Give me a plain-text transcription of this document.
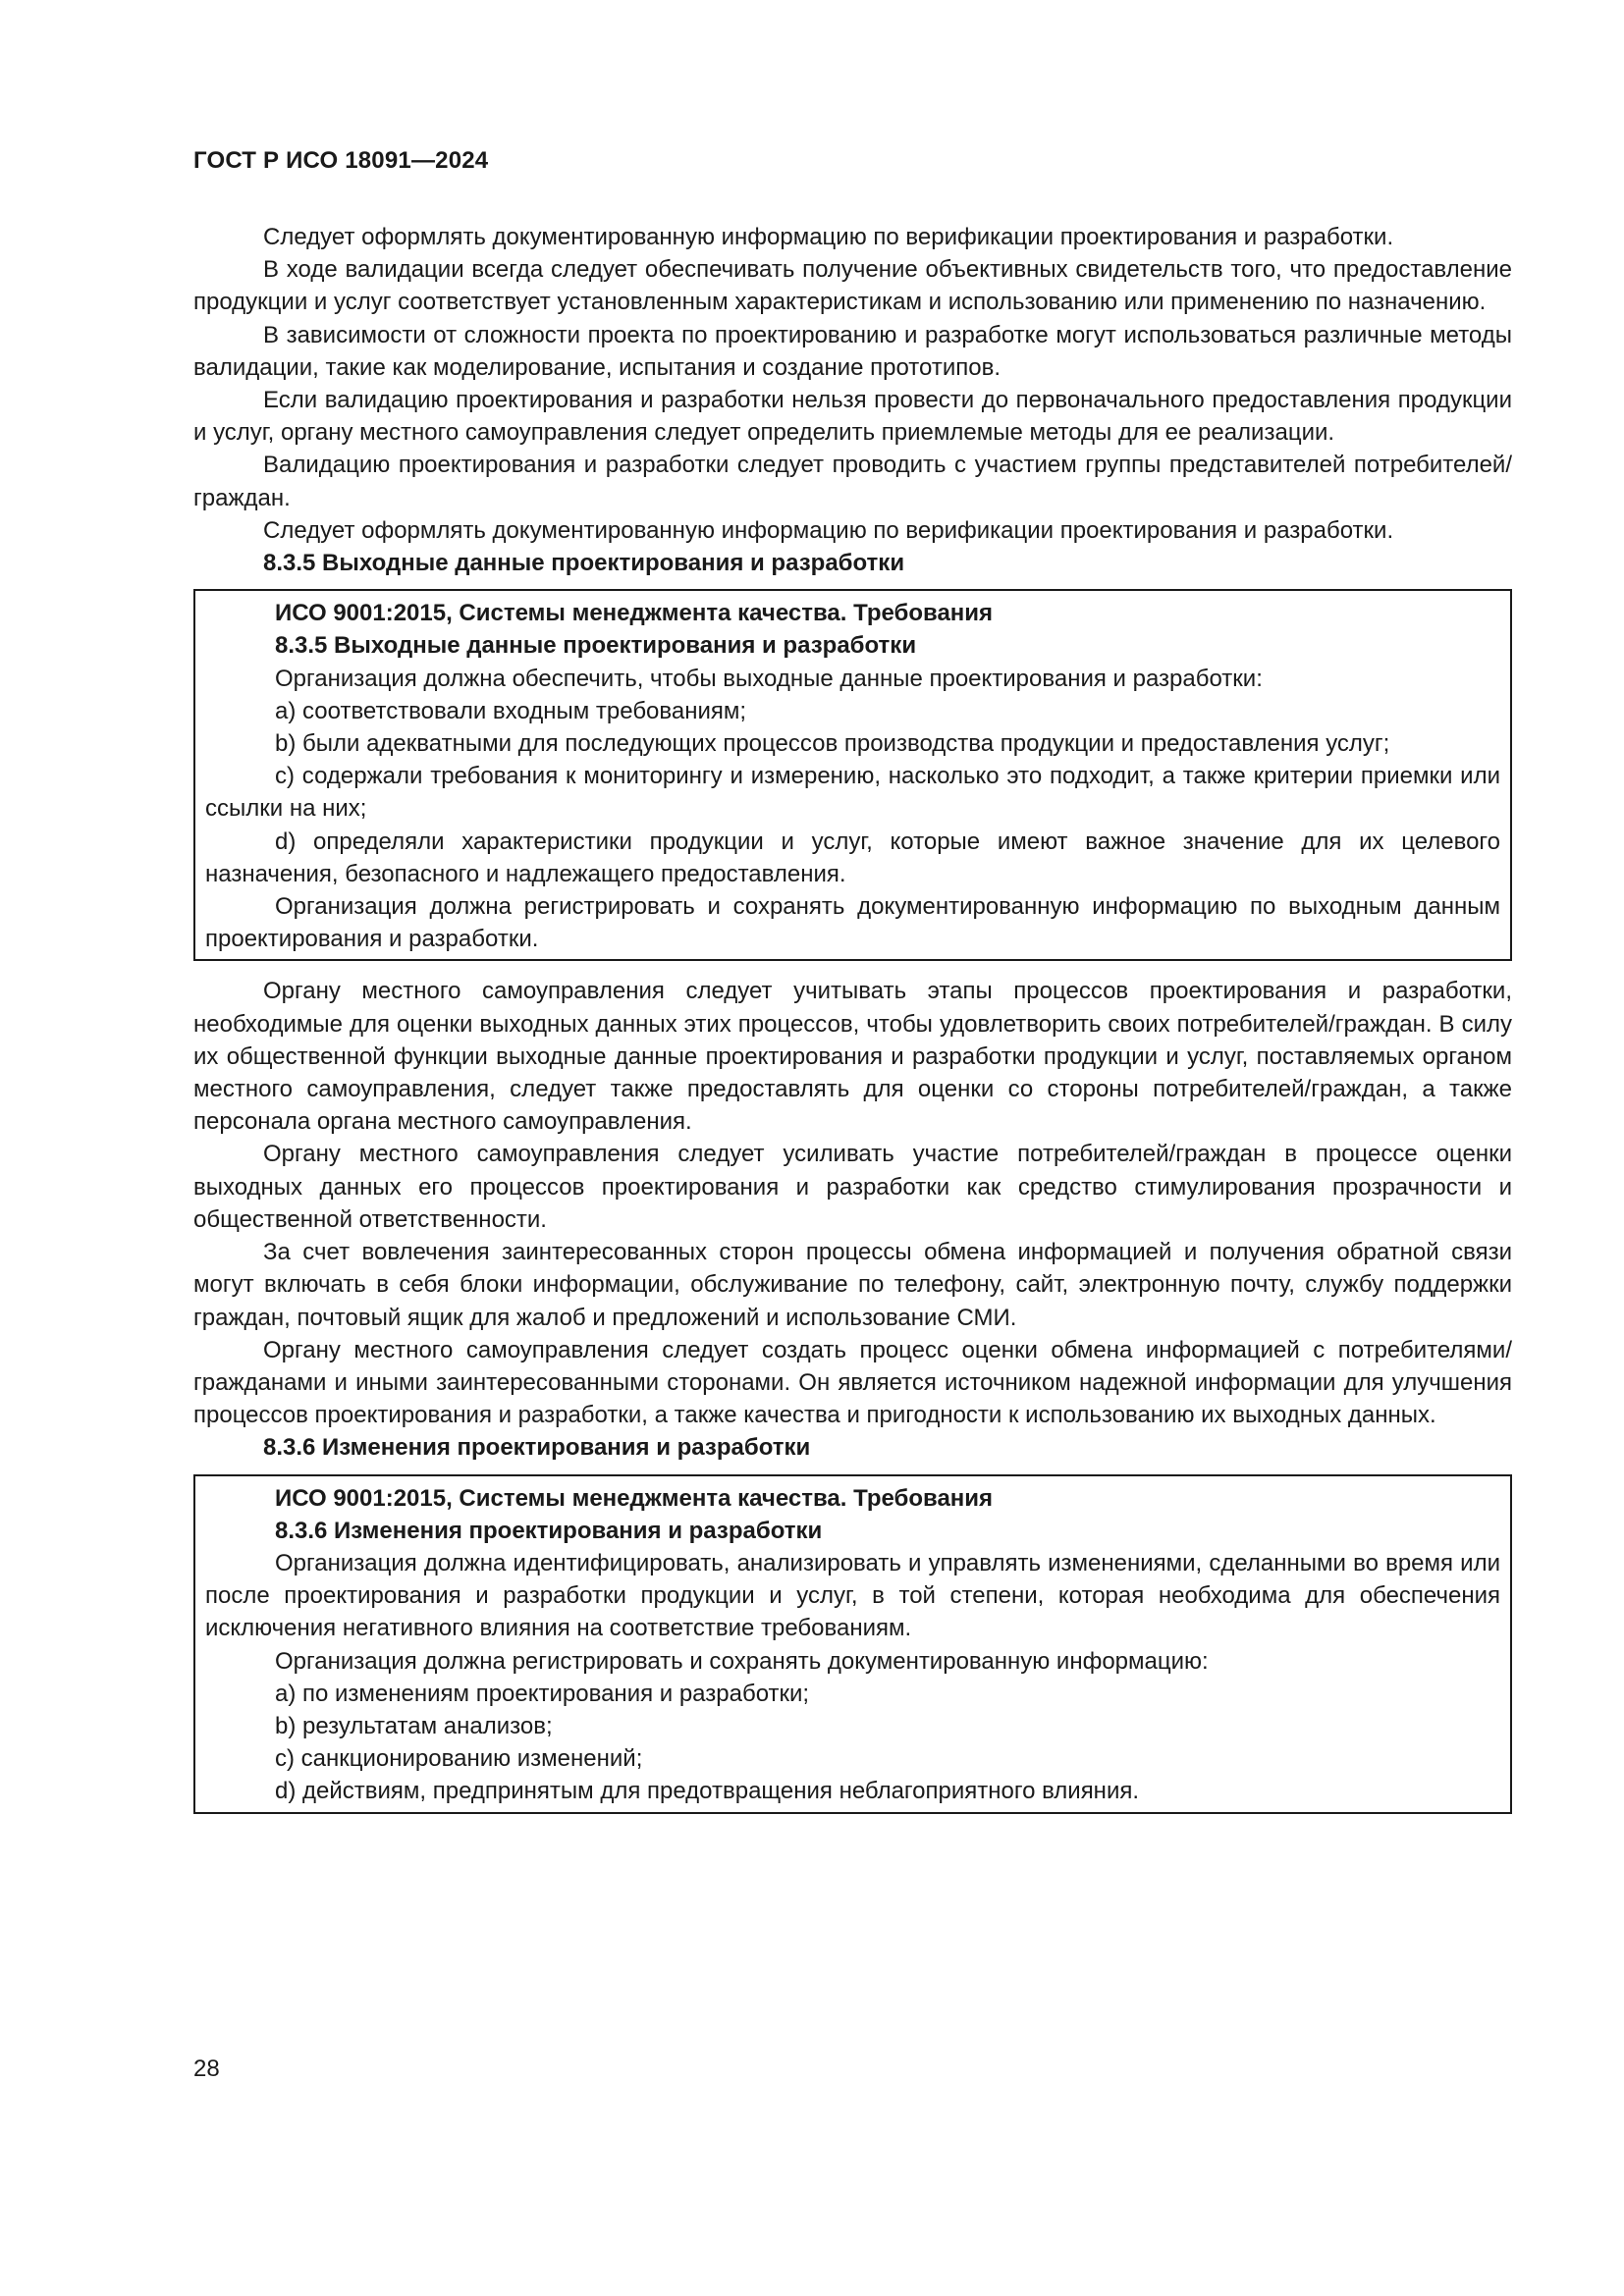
ГОСТ Р ИСО 18091—2024

Следует оформлять документированную информацию по верификации проектирования и разработки.

В ходе валидации всегда следует обеспечивать получение объективных свидетельств того, что предоставление продукции и услуг соответствует установленным характеристикам и использованию или применению по назначению.

В зависимости от сложности проекта по проектированию и разработке могут использоваться различные методы валидации, такие как моделирование, испытания и создание прототипов.

Если валидацию проектирования и разработки нельзя провести до первоначального предоставления продукции и услуг, органу местного самоуправления следует определить приемлемые методы для ее реализации.

Валидацию проектирования и разработки следует проводить с участием группы представителей потребителей/граждан.

Следует оформлять документированную информацию по верификации проектирования и разработки.

8.3.5 Выходные данные проектирования и разработки

ИСО 9001:2015, Системы менеджмента качества. Требования

8.3.5 Выходные данные проектирования и разработки

Организация должна обеспечить, чтобы выходные данные проектирования и разработки:

a) соответствовали входным требованиям;

b) были адекватными для последующих процессов производства продукции и предоставления услуг;

c) содержали требования к мониторингу и измерению, насколько это подходит, а также критерии приемки или ссылки на них;

d) определяли характеристики продукции и услуг, которые имеют важное значение для их целевого назначения, безопасного и надлежащего предоставления.

Организация должна регистрировать и сохранять документированную информацию по выходным данным проектирования и разработки.

Органу местного самоуправления следует учитывать этапы процессов проектирования и разработки, необходимые для оценки выходных данных этих процессов, чтобы удовлетворить своих потребителей/граждан. В силу их общественной функции выходные данные проектирования и разработки продукции и услуг, поставляемых органом местного самоуправления, следует также предоставлять для оценки со стороны потребителей/граждан, а также персонала органа местного самоуправления.

Органу местного самоуправления следует усиливать участие потребителей/граждан в процессе оценки выходных данных его процессов проектирования и разработки как средство стимулирования прозрачности и общественной ответственности.

За счет вовлечения заинтересованных сторон процессы обмена информацией и получения обратной связи могут включать в себя блоки информации, обслуживание по телефону, сайт, электронную почту, службу поддержки граждан, почтовый ящик для жалоб и предложений и использование СМИ.

Органу местного самоуправления следует создать процесс оценки обмена информацией с потребителями/гражданами и иными заинтересованными сторонами. Он является источником надежной информации для улучшения процессов проектирования и разработки, а также качества и пригодности к использованию их выходных данных.

8.3.6 Изменения проектирования и разработки

ИСО 9001:2015, Системы менеджмента качества. Требования

8.3.6 Изменения проектирования и разработки

Организация должна идентифицировать, анализировать и управлять изменениями, сделанными во время или после проектирования и разработки продукции и услуг, в той степени, которая необходима для обеспечения исключения негативного влияния на соответствие требованиям.

Организация должна регистрировать и сохранять документированную информацию:

a) по изменениям проектирования и разработки;

b) результатам анализов;

c) санкционированию изменений;

d) действиям, предпринятым для предотвращения неблагоприятного влияния.

28
